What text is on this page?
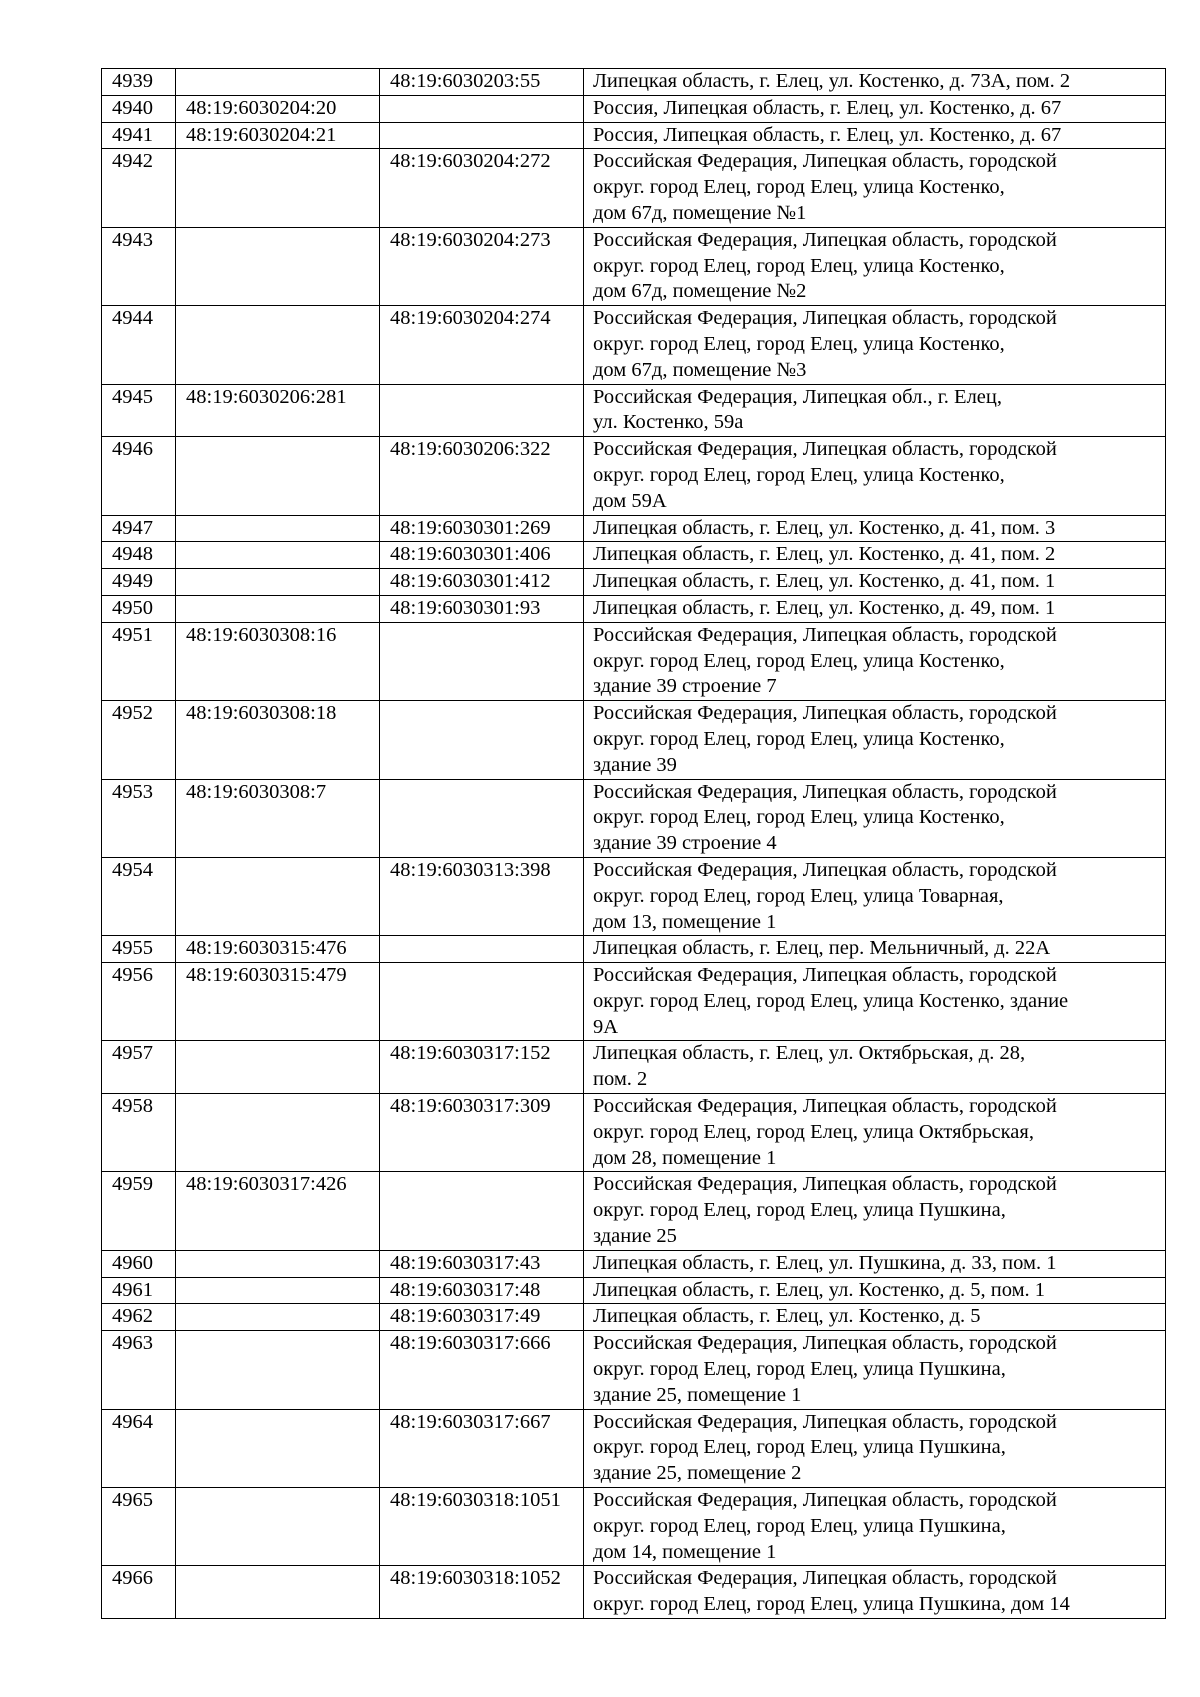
4939		48:19:6030203:55	Липецкая область, г. Елец, ул. Костенко, д. 73А, пом. 2

4940	48:19:6030204:20		Россия, Липецкая область, г. Елец, ул. Костенко, д. 67

4941	48:19:6030204:21		Россия, Липецкая область, г. Елец, ул. Костенко, д. 67

4942		48:19:6030204:272	Российская Федерация, Липецкая область, городской
округ. город Елец, город Елец, улица Костенко,
дом 67д, помещение №1

4943		48:19:6030204:273	Российская Федерация, Липецкая область, городской
округ. город Елец, город Елец, улица Костенко,
дом 67д, помещение №2

4944		48:19:6030204:274	Российская Федерация, Липецкая область, городской
округ. город Елец, город Елец, улица Костенко,
дом 67д, помещение №3

4945	48:19:6030206:281		Российская Федерация, Липецкая обл., г. Елец,
ул. Костенко, 59а

4946		48:19:6030206:322	Российская Федерация, Липецкая область, городской
округ. город Елец, город Елец, улица Костенко,
дом 59А

4947		48:19:6030301:269	Липецкая область, г. Елец, ул. Костенко, д. 41, пом. 3

4948		48:19:6030301:406	Липецкая область, г. Елец, ул. Костенко, д. 41, пом. 2

4949		48:19:6030301:412	Липецкая область, г. Елец, ул. Костенко, д. 41, пом. 1

4950		48:19:6030301:93	Липецкая область, г. Елец, ул. Костенко, д. 49, пом. 1

4951	48:19:6030308:16		Российская Федерация, Липецкая область, городской
округ. город Елец, город Елец, улица Костенко,
здание 39 строение 7

4952	48:19:6030308:18		Российская Федерация, Липецкая область, городской
округ. город Елец, город Елец, улица Костенко,
здание 39

4953	48:19:6030308:7		Российская Федерация, Липецкая область, городской
округ. город Елец, город Елец, улица Костенко,
здание 39 строение 4

4954		48:19:6030313:398	Российская Федерация, Липецкая область, городской
округ. город Елец, город Елец, улица Товарная,
дом 13, помещение 1

4955	48:19:6030315:476		Липецкая область, г. Елец, пер. Мельничный, д. 22А

4956	48:19:6030315:479		Российская Федерация, Липецкая область, городской
округ. город Елец, город Елец, улица Костенко, здание
9А

4957		48:19:6030317:152	Липецкая область, г. Елец, ул. Октябрьская, д. 28,
пом. 2

4958		48:19:6030317:309	Российская Федерация, Липецкая область, городской
округ. город Елец, город Елец, улица Октябрьская,
дом 28, помещение 1

4959	48:19:6030317:426		Российская Федерация, Липецкая область, городской
округ. город Елец, город Елец, улица Пушкина,
здание 25

4960		48:19:6030317:43	Липецкая область, г. Елец, ул. Пушкина, д. 33, пом. 1

4961		48:19:6030317:48	Липецкая область, г. Елец, ул. Костенко, д. 5, пом. 1

4962		48:19:6030317:49	Липецкая область, г. Елец, ул. Костенко, д. 5

4963		48:19:6030317:666	Российская Федерация, Липецкая область, городской
округ. город Елец, город Елец, улица Пушкина,
здание 25, помещение 1

4964		48:19:6030317:667	Российская Федерация, Липецкая область, городской
округ. город Елец, город Елец, улица Пушкина,
здание 25, помещение 2

4965		48:19:6030318:1051	Российская Федерация, Липецкая область, городской
округ. город Елец, город Елец, улица Пушкина,
дом 14, помещение 1

4966		48:19:6030318:1052	Российская Федерация, Липецкая область, городской
округ. город Елец, город Елец, улица Пушкина, дом 14
